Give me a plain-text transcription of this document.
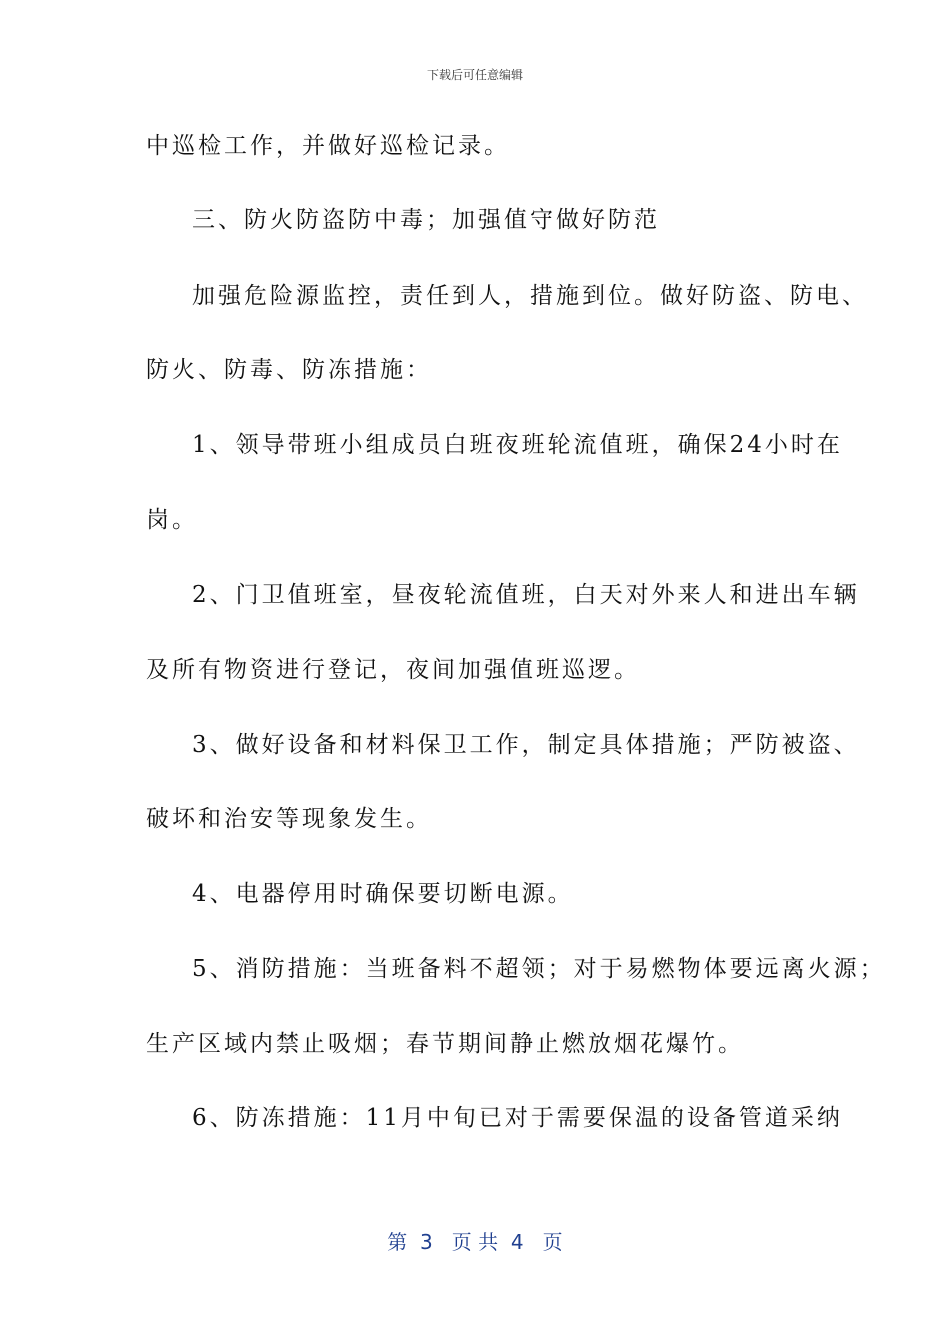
下载后可任意编辑
中巡检工作，并做好巡检记录。
三、防火防盗防中毒；加强值守做好防范
加强危险源监控，责任到人，措施到位。做好防盗、防电、
防火、防毒、防冻措施：
1、领导带班小组成员白班夜班轮流值班，确保24小时在
岗。
2、门卫值班室，昼夜轮流值班，白天对外来人和进出车辆
及所有物资进行登记，夜间加强值班巡逻。
3、做好设备和材料保卫工作，制定具体措施；严防被盗、
破坏和治安等现象发生。
4、电器停用时确保要切断电源。
5、消防措施：当班备料不超领；对于易燃物体要远离火源；
生产区域内禁止吸烟；春节期间静止燃放烟花爆竹。
6、防冻措施：11月中旬已对于需要保温的设备管道采纳
第  3   页 共  4   页
